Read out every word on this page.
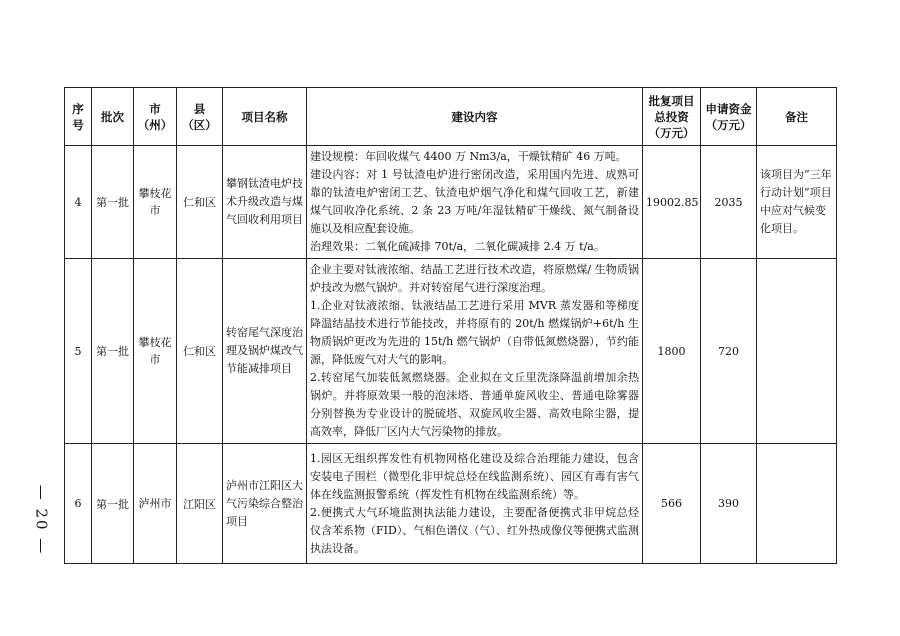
— 20 —
序号	批次	市（州）	县（区）	项目名称	建设内容	批复项目总投资（万元）	申请资金（万元）	备注
4	第一批	攀枝花市	仁和区	攀钢钛渣电炉技术升级改造与煤气回收利用项目	建设规模：年回收煤气 4400 万 Nm3/a，干燥钛精矿 46 万吨。
建设内容：对 1 号钛渣电炉进行密闭改造，采用国内先进、成熟可靠的钛渣电炉密闭工艺、钛渣电炉烟气净化和煤气回收工艺，新建煤气回收净化系统、2 条 23 万吨/年湿钛精矿干燥线、氮气制备设施以及相应配套设施。
治理效果：二氧化硫减排 70t/a，二氧化碳减排 2.4 万 t/a。	19002.85	2035	该项目为“三年行动计划”项目中应对气候变化项目。
5	第一批	攀枝花市	仁和区	转窑尾气深度治理及锅炉煤改气节能减排项目	企业主要对钛液浓缩、结晶工艺进行技术改造，将原燃煤/ 生物质锅炉技改为燃气锅炉。并对转窑尾气进行深度治理。
1.企业对钛液浓缩、钛液结晶工艺进行采用 MVR 蒸发器和等梯度降温结晶技术进行节能技改，并将原有的 20t/h 燃煤锅炉+6t/h 生物质锅炉更改为先进的 15t/h 燃气锅炉（自带低氮燃烧器），节约能源，降低废气对大气的影响。
2.转窑尾气加装低氮燃烧器。企业拟在文丘里洗涤降温前增加余热锅炉。并将原效果一般的泡沫塔、普通单旋风收尘、普通电除雾器分别替换为专业设计的脱硫塔、双旋风收尘器、高效电除尘器，提高效率，降低厂区内大气污染物的排放。	1800	720	
6	第一批	泸州市	江阳区	泸州市江阳区大气污染综合整治项目	1.园区无组织挥发性有机物网格化建设及综合治理能力建设，包含安装电子围栏（微型化非甲烷总烃在线监测系统）、园区有毒有害气体在线监测报警系统（挥发性有机物在线监测系统）等。
2.便携式大气环境监测执法能力建设，主要配备便携式非甲烷总烃仪含苯系物（FID）、气相色谱仪（气）、红外热成像仪等便携式监测执法设备。	566	390	
